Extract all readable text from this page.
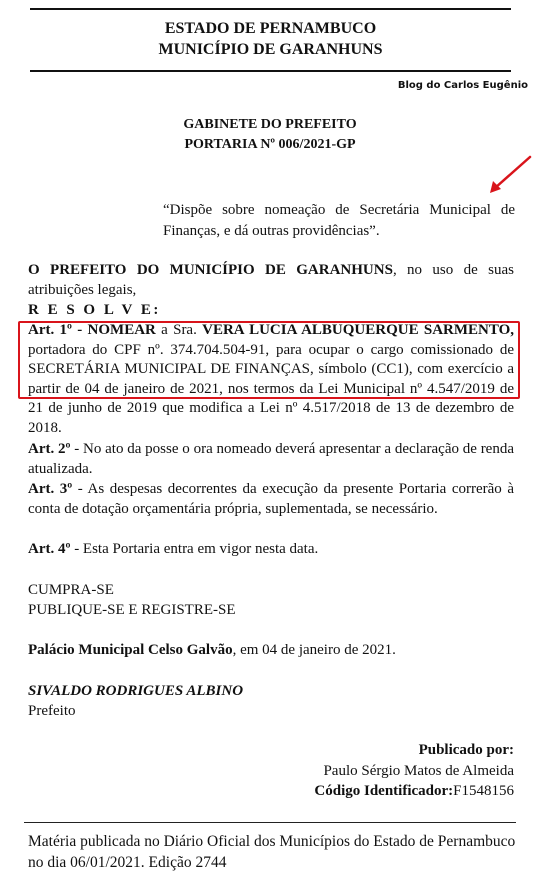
ESTADO DE PERNAMBUCO
MUNICÍPIO DE GARANHUNS
Blog do Carlos Eugênio
GABINETE DO PREFEITO
PORTARIA Nº 006/2021-GP
“Dispõe sobre nomeação de Secretária Municipal de Finanças, e dá outras providências”.
O PREFEITO DO MUNICÍPIO DE GARANHUNS, no uso de suas atribuições legais,
R E S O L V E:
Art. 1º - NOMEAR a Sra. VERA LUCIA ALBUQUERQUE SARMENTO, portadora do CPF nº. 374.704.504-91, para ocupar o cargo comissionado de SECRETÁRIA MUNICIPAL DE FINANÇAS, símbolo (CC1), com exercício a partir de 04 de janeiro de 2021, nos termos da Lei Municipal nº 4.547/2019 de 21 de junho de 2019 que modifica a Lei nº 4.517/2018 de 13 de dezembro de 2018.
Art. 2º - No ato da posse o ora nomeado deverá apresentar a declaração de renda atualizada.
Art. 3º - As despesas decorrentes da execução da presente Portaria correrão à conta de dotação orçamentária própria, suplementada, se necessário.
Art. 4º - Esta Portaria entra em vigor nesta data.
CUMPRA-SE
PUBLIQUE-SE E REGISTRE-SE
Palácio Municipal Celso Galvão, em 04 de janeiro de 2021.
SIVALDO RODRIGUES ALBINO
Prefeito
Publicado por:
Paulo Sérgio Matos de Almeida
Código Identificador:F1548156
Matéria publicada no Diário Oficial dos Municípios do Estado de Pernambuco no dia 06/01/2021. Edição 2744
